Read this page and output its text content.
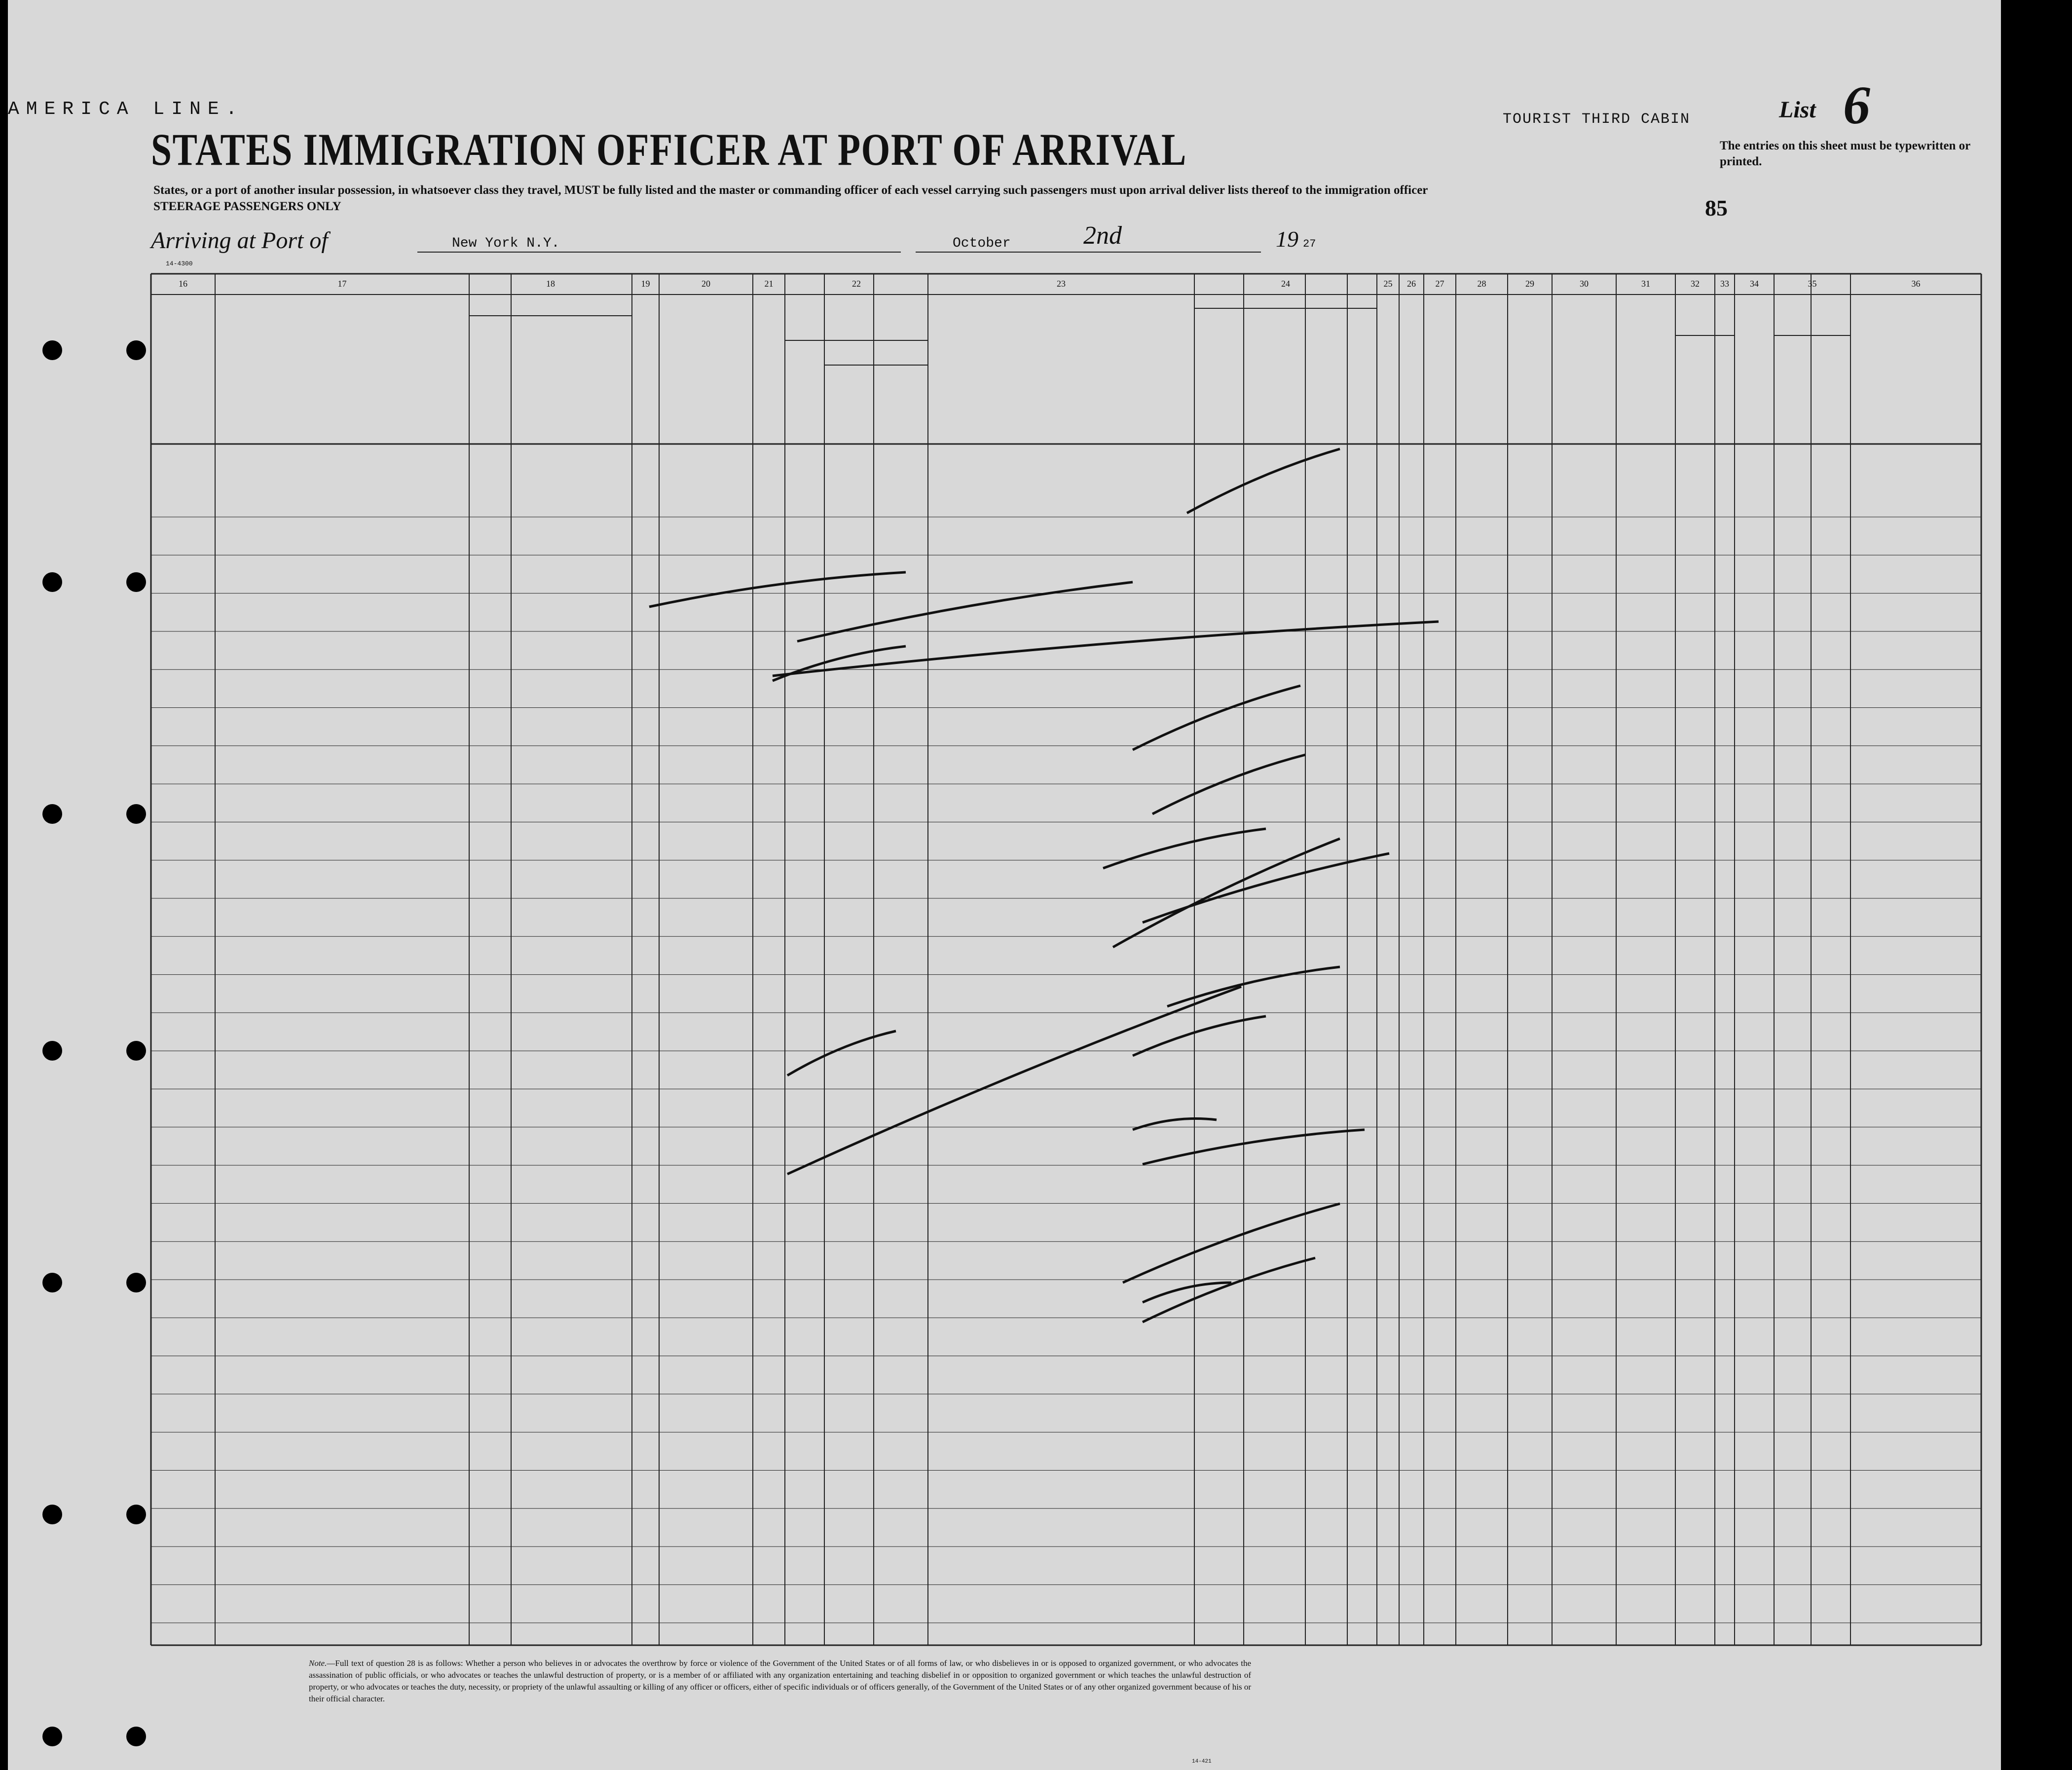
AMERICA LINE.
STATES IMMIGRATION OFFICER AT PORT OF ARRIVAL
States, or a port of another insular possession, in whatsoever class they travel, MUST be fully listed and the master or commanding officer of each vessel carrying such passengers must upon arrival deliver lists thereof to the immigration officer
STEERAGE PASSENGERS ONLY
TOURIST THIRD CABIN	List 6
The entries on this sheet must be typewritten or printed.
85
Arriving at Port of	New York N.Y.	October	2nd	19 27
14-4300
16	17	18	19	20	21	22	23	24	25	26	27	28	29	30	31	32	33	34	35	36
Note.—Full text of question 28 is as follows: Whether a person who believes in or advocates the overthrow by force or violence of the Government of the United States or of all forms of law, or who disbelieves in or is opposed to organized government, or who advocates the assassination of public officials, or who advocates or teaches the unlawful destruction of property, or is a member of or affiliated with any organization entertaining and teaching disbelief in or opposition to organized government or which teaches the unlawful destruction of property, or who advocates or teaches the duty, necessity, or propriety of the unlawful assaulting or killing of any officer or officers, either of specific individuals or of officers generally, of the Government of the United States or of any other organized government because of his or their official character.
14-421
